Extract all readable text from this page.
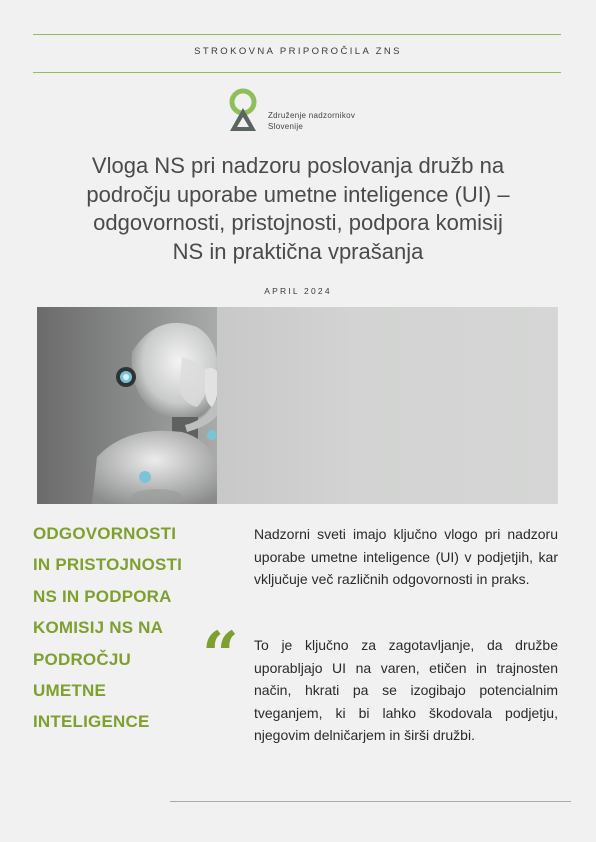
STROKOVNA PRIPOROČILA ZNS
Združenje nadzornikov
Slovenije
Vloga NS pri nadzoru poslovanja družb na
področju uporabe umetne inteligence (UI) –
odgovornosti, pristojnosti, podpora komisij
NS in praktična vprašanja
APRIL 2024
ODGOVORNOSTI
IN PRISTOJNOSTI
NS IN PODPORA
KOMISIJ NS NA
PODROČJU
UMETNE
INTELIGENCE
“
Nadzorni sveti imajo ključno vlogo pri nadzoru uporabe umetne inteligence (UI) v podjetjih, kar vključuje več različnih odgovornosti in praks.
To je ključno za zagotavljanje, da družbe uporabljajo UI na varen, etičen in trajnosten način, hkrati pa se izogibajo potencialnim tveganjem, ki bi lahko škodovala podjetju, njegovim delničarjem in širši družbi.
